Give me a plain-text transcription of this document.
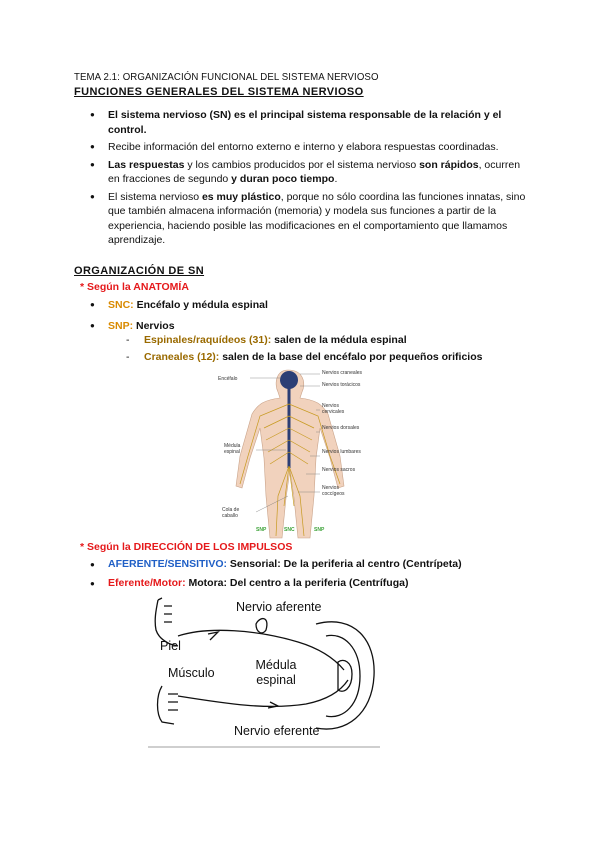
TEMA 2.1: ORGANIZACIÓN FUNCIONAL DEL SISTEMA NERVIOSO
FUNCIONES GENERALES DEL SISTEMA NERVIOSO
● El sistema nervioso (SN) es el principal sistema responsable de la relación y el control.
● Recibe información del entorno externo e interno y elabora respuestas coordinadas.
● Las respuestas y los cambios producidos por el sistema nervioso son rápidos, ocurren en fracciones de segundo y duran poco tiempo.
● El sistema nervioso es muy plástico, porque no sólo coordina las funciones innatas, sino que también almacena información (memoria) y modela sus funciones a partir de la experiencia, haciendo posible las modificaciones en el comportamiento que llamamos aprendizaje.
ORGANIZACIÓN DE SN
* Según la ANATOMÍA
● SNC: Encéfalo y médula espinal
● SNP: Nervios
- Espinales/raquídeos (31): salen de la médula espinal
- Craneales (12): salen de la base del encéfalo por pequeños orificios
Encéfalo
Nervios craneales
Nervios torácicos
Nervios cervicales
Nervios dorsales
Nervios lumbares
Nervios sacros
Nervios coccígeos
Médula espinal
Cola de caballo
SNP	SNC	SNP
* Según la DIRECCIÓN DE LOS IMPULSOS
● AFERENTE/SENSITIVO: Sensorial: De la periferia al centro (Centrípeta)
● Eferente/Motor: Motora: Del centro a la periferia (Centrífuga)
Nervio aferente
Piel
Músculo
Médula
espinal
Nervio eferente
